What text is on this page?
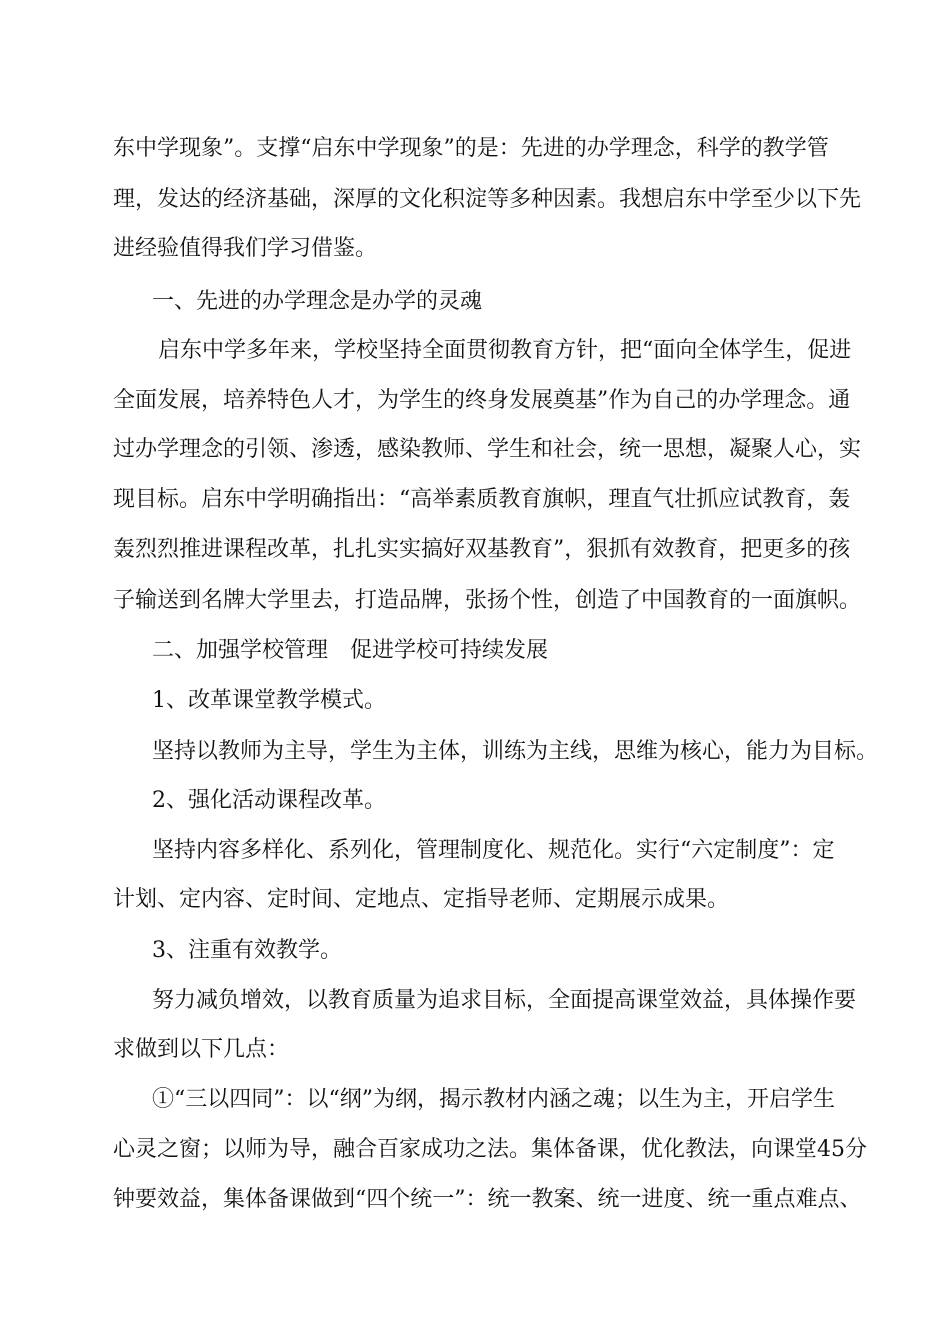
东中学现象”。支撑“启东中学现象”的是：先进的办学理念，科学的教学管

理，发达的经济基础，深厚的文化积淀等多种因素。我想启东中学至少以下先

进经验值得我们学习借鉴。

一、先进的办学理念是办学的灵魂

启东中学多年来，学校坚持全面贯彻教育方针，把“面向全体学生，促进

全面发展，培养特色人才，为学生的终身发展奠基”作为自己的办学理念。通

过办学理念的引领、渗透，感染教师、学生和社会，统一思想，凝聚人心，实

现目标。启东中学明确指出：“高举素质教育旗帜，理直气壮抓应试教育，轰

轰烈烈推进课程改革，扎扎实实搞好双基教育”，狠抓有效教育，把更多的孩

子输送到名牌大学里去，打造品牌，张扬个性，创造了中国教育的一面旗帜。

二、加强学校管理　促进学校可持续发展

1、改革课堂教学模式。

坚持以教师为主导，学生为主体，训练为主线，思维为核心，能力为目标。

2、强化活动课程改革。

坚持内容多样化、系列化，管理制度化、规范化。实行“六定制度”：定

计划、定内容、定时间、定地点、定指导老师、定期展示成果。

3、注重有效教学。

努力减负增效，以教育质量为追求目标，全面提高课堂效益，具体操作要

求做到以下几点：

①“三以四同”：以“纲”为纲，揭示教材内涵之魂；以生为主，开启学生

心灵之窗；以师为导，融合百家成功之法。集体备课，优化教法，向课堂45分

钟要效益，集体备课做到“四个统一”：统一教案、统一进度、统一重点难点、
